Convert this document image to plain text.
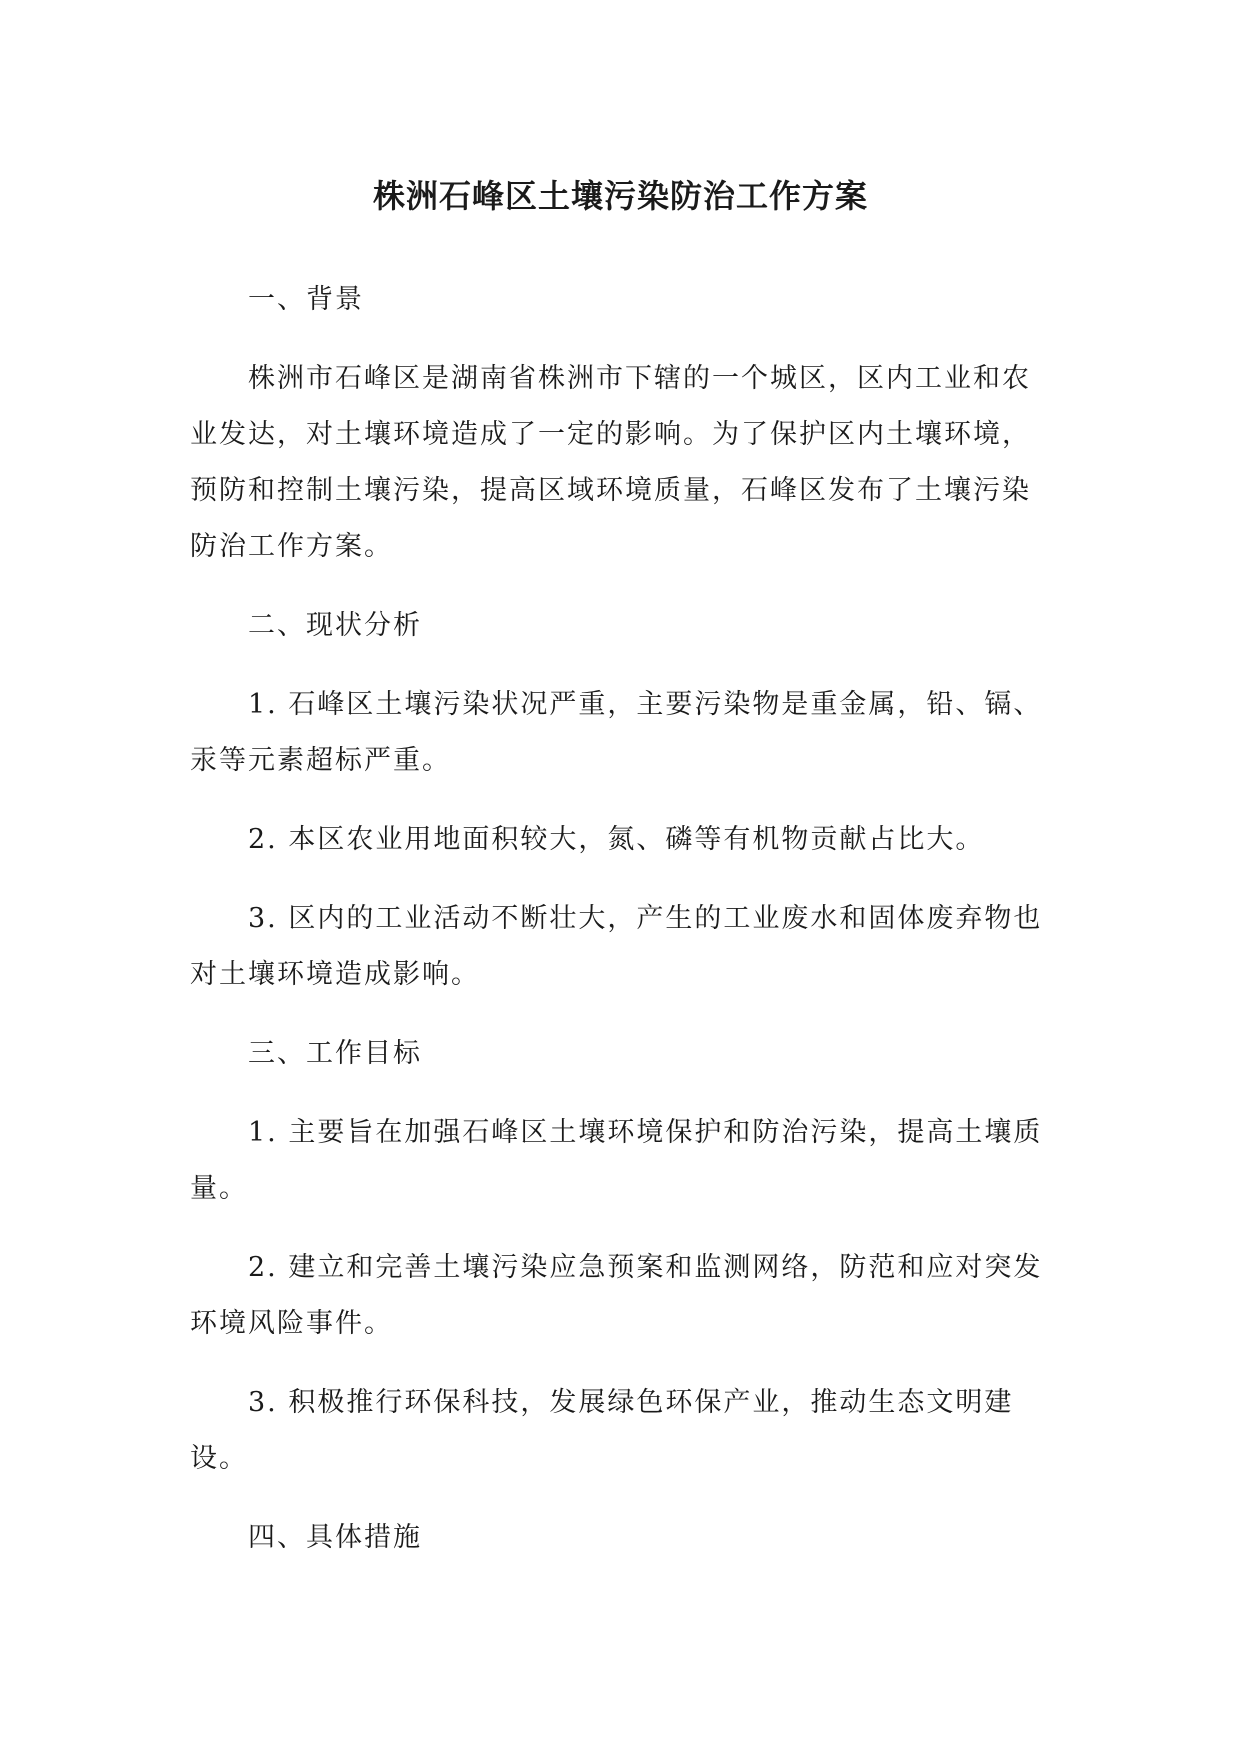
株洲石峰区土壤污染防治工作方案

一、背景

株洲市石峰区是湖南省株洲市下辖的一个城区，区内工业和农业发达，对土壤环境造成了一定的影响。为了保护区内土壤环境，预防和控制土壤污染，提高区域环境质量，石峰区发布了土壤污染防治工作方案。

二、现状分析

1. 石峰区土壤污染状况严重，主要污染物是重金属，铅、镉、汞等元素超标严重。

2. 本区农业用地面积较大，氮、磷等有机物贡献占比大。

3. 区内的工业活动不断壮大，产生的工业废水和固体废弃物也对土壤环境造成影响。

三、工作目标

1. 主要旨在加强石峰区土壤环境保护和防治污染，提高土壤质量。

2. 建立和完善土壤污染应急预案和监测网络，防范和应对突发环境风险事件。

3. 积极推行环保科技，发展绿色环保产业，推动生态文明建设。

四、具体措施
